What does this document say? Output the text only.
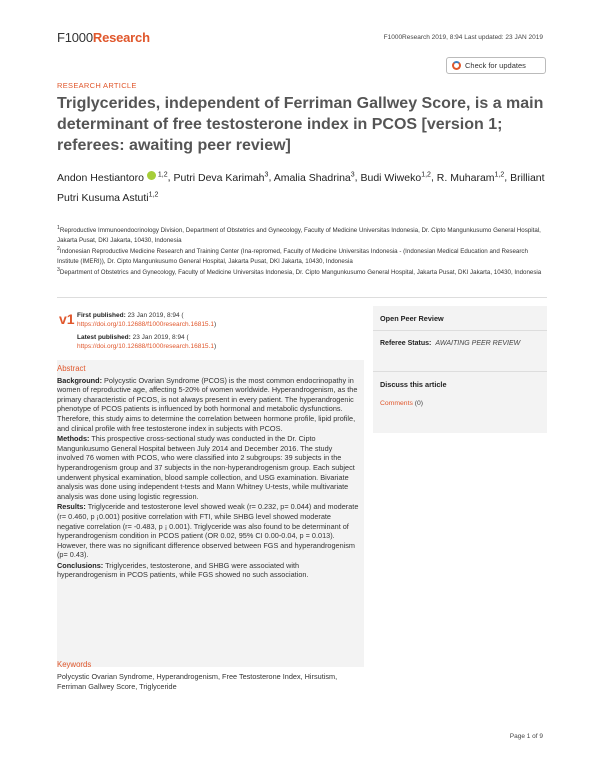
F1000Research	F1000Research 2019, 8:94 Last updated: 23 JAN 2019
Check for updates
RESEARCH ARTICLE
Triglycerides, independent of Ferriman Gallwey Score, is a main determinant of free testosterone index in PCOS [version 1; referees: awaiting peer review]
Andon Hestiantoro $^{1,2}$, Putri Deva Karimah$^3$, Amalia Shadrina$^3$, Budi Wiweko$^{1,2}$, R. Muharam$^{1,2}$, Brilliant Putri Kusuma Astuti$^{1,2}$

$^1$Reproductive Immunoendocrinology Division, Department of Obstetrics and Gynecology, Faculty of Medicine Universitas Indonesia, Dr. Cipto Mangunkusumo General Hospital, Jakarta Pusat, DKI Jakarta, 10430, Indonesia

$^2$Indonesian Reproductive Medicine Research and Training Center (Ina-repromed, Faculty of Medicine Universitas Indonesia - (Indonesian Medical Education and Research Institute (IMERI)), Dr. Cipto Mangunkusumo General Hospital, Jakarta Pusat, DKI Jakarta, 10430, Indonesia

$^3$Department of Obstetrics and Gynecology, Faculty of Medicine Universitas Indonesia, Dr. Cipto Mangunkusumo General Hospital, Jakarta Pusat, DKI Jakarta, 10430, Indonesia

v1 First published: 23 Jan 2019, 8:94 (
https://doi.org/10.12688/f1000research.16815.1)
Latest published: 23 Jan 2019, 8:94 (
https://doi.org/10.12688/f1000research.16815.1)
Abstract

Background: Polycystic Ovarian Syndrome (PCOS) is the most common endocrinopathy in women of reproductive age, affecting 5-20% of women worldwide. Hyperandrogenism, as the primary characteristic of PCOS, is not always present in every patient. The hyperandrogenic phenotype of PCOS patients is influenced by both hormonal and metabolic dysfunctions. Therefore, this study aims to determine the correlation between hormone profile, lipid profile, and clinical profile with free testosterone index in subjects with PCOS.

Methods: This prospective cross-sectional study was conducted in the Dr. Cipto Mangunkusumo General Hospital between July 2014 and December 2016. The study involved 76 women with PCOS, who were classified into 2 subgroups: 39 subjects in the hyperandrogenism group and 37 subjects in the non-hyperandrogenism group. Each subject underwent physical examination, blood sample collection, and USG examination. Bivariate analysis was done using independent t-tests and Mann Whitney U-tests, while multivariate analysis was done using logistic regression.

Results: Triglyceride and testosterone level showed weak (r= 0.232, p= 0.044) and moderate (r= 0.460, p ¡0.001) positive correlation with FTI, while SHBG level showed moderate negative correlation (r= -0.483, p ¡ 0.001). Triglyceride was also found to be determinant of hyperandrogenism condition in PCOS patient (OR 0.02, 95% CI 0.00-0.04, p = 0.013). However, there was no significant difference observed between FGS and hyperandrogenism (p= 0.43).

Conclusions: Triglycerides, testosterone, and SHBG were associated with hyperandrogenism in PCOS patients, while FGS showed no such association.

Keywords
Polycystic Ovarian Syndrome, Hyperandrogenism, Free Testosterone Index, Hirsutism, Ferriman Gallwey Score, Triglyceride
Open Peer Review
Referee Status: AWAITING PEER REVIEW
Discuss this article
Comments (0)
Page 1 of 9
